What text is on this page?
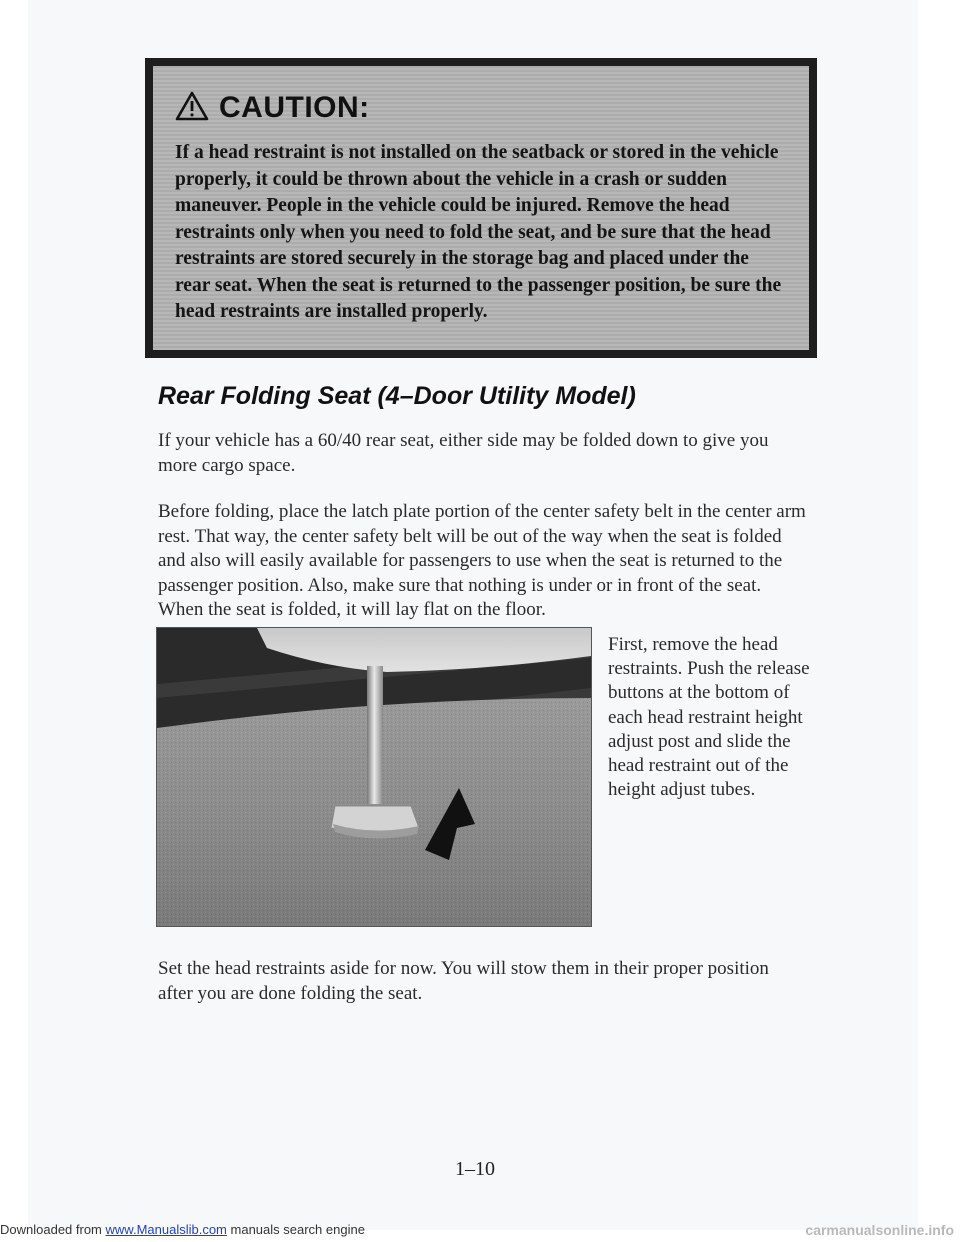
CAUTION:

If a head restraint is not installed on the seatback or stored in the vehicle properly, it could be thrown about the vehicle in a crash or sudden maneuver. People in the vehicle could be injured. Remove the head restraints only when you need to fold the seat, and be sure that the head restraints are stored securely in the storage bag and placed under the rear seat. When the seat is returned to the passenger position, be sure the head restraints are installed properly.

Rear Folding Seat (4–Door Utility Model)

If your vehicle has a 60/40 rear seat, either side may be folded down to give you more cargo space.

Before folding, place the latch plate portion of the center safety belt in the center arm rest. That way, the center safety belt will be out of the way when the seat is folded and also will easily available for passengers to use when the seat is returned to the passenger position. Also, make sure that nothing is under or in front of the seat. When the seat is folded, it will lay flat on the floor.

First, remove the head restraints. Push the release buttons at the bottom of each head restraint height adjust post and slide the head restraint out of the height adjust tubes.

Set the head restraints aside for now. You will stow them in their proper position after you are done folding the seat.

1–10

Downloaded from www.Manualslib.com manuals search engine	carmanualsonline.info
